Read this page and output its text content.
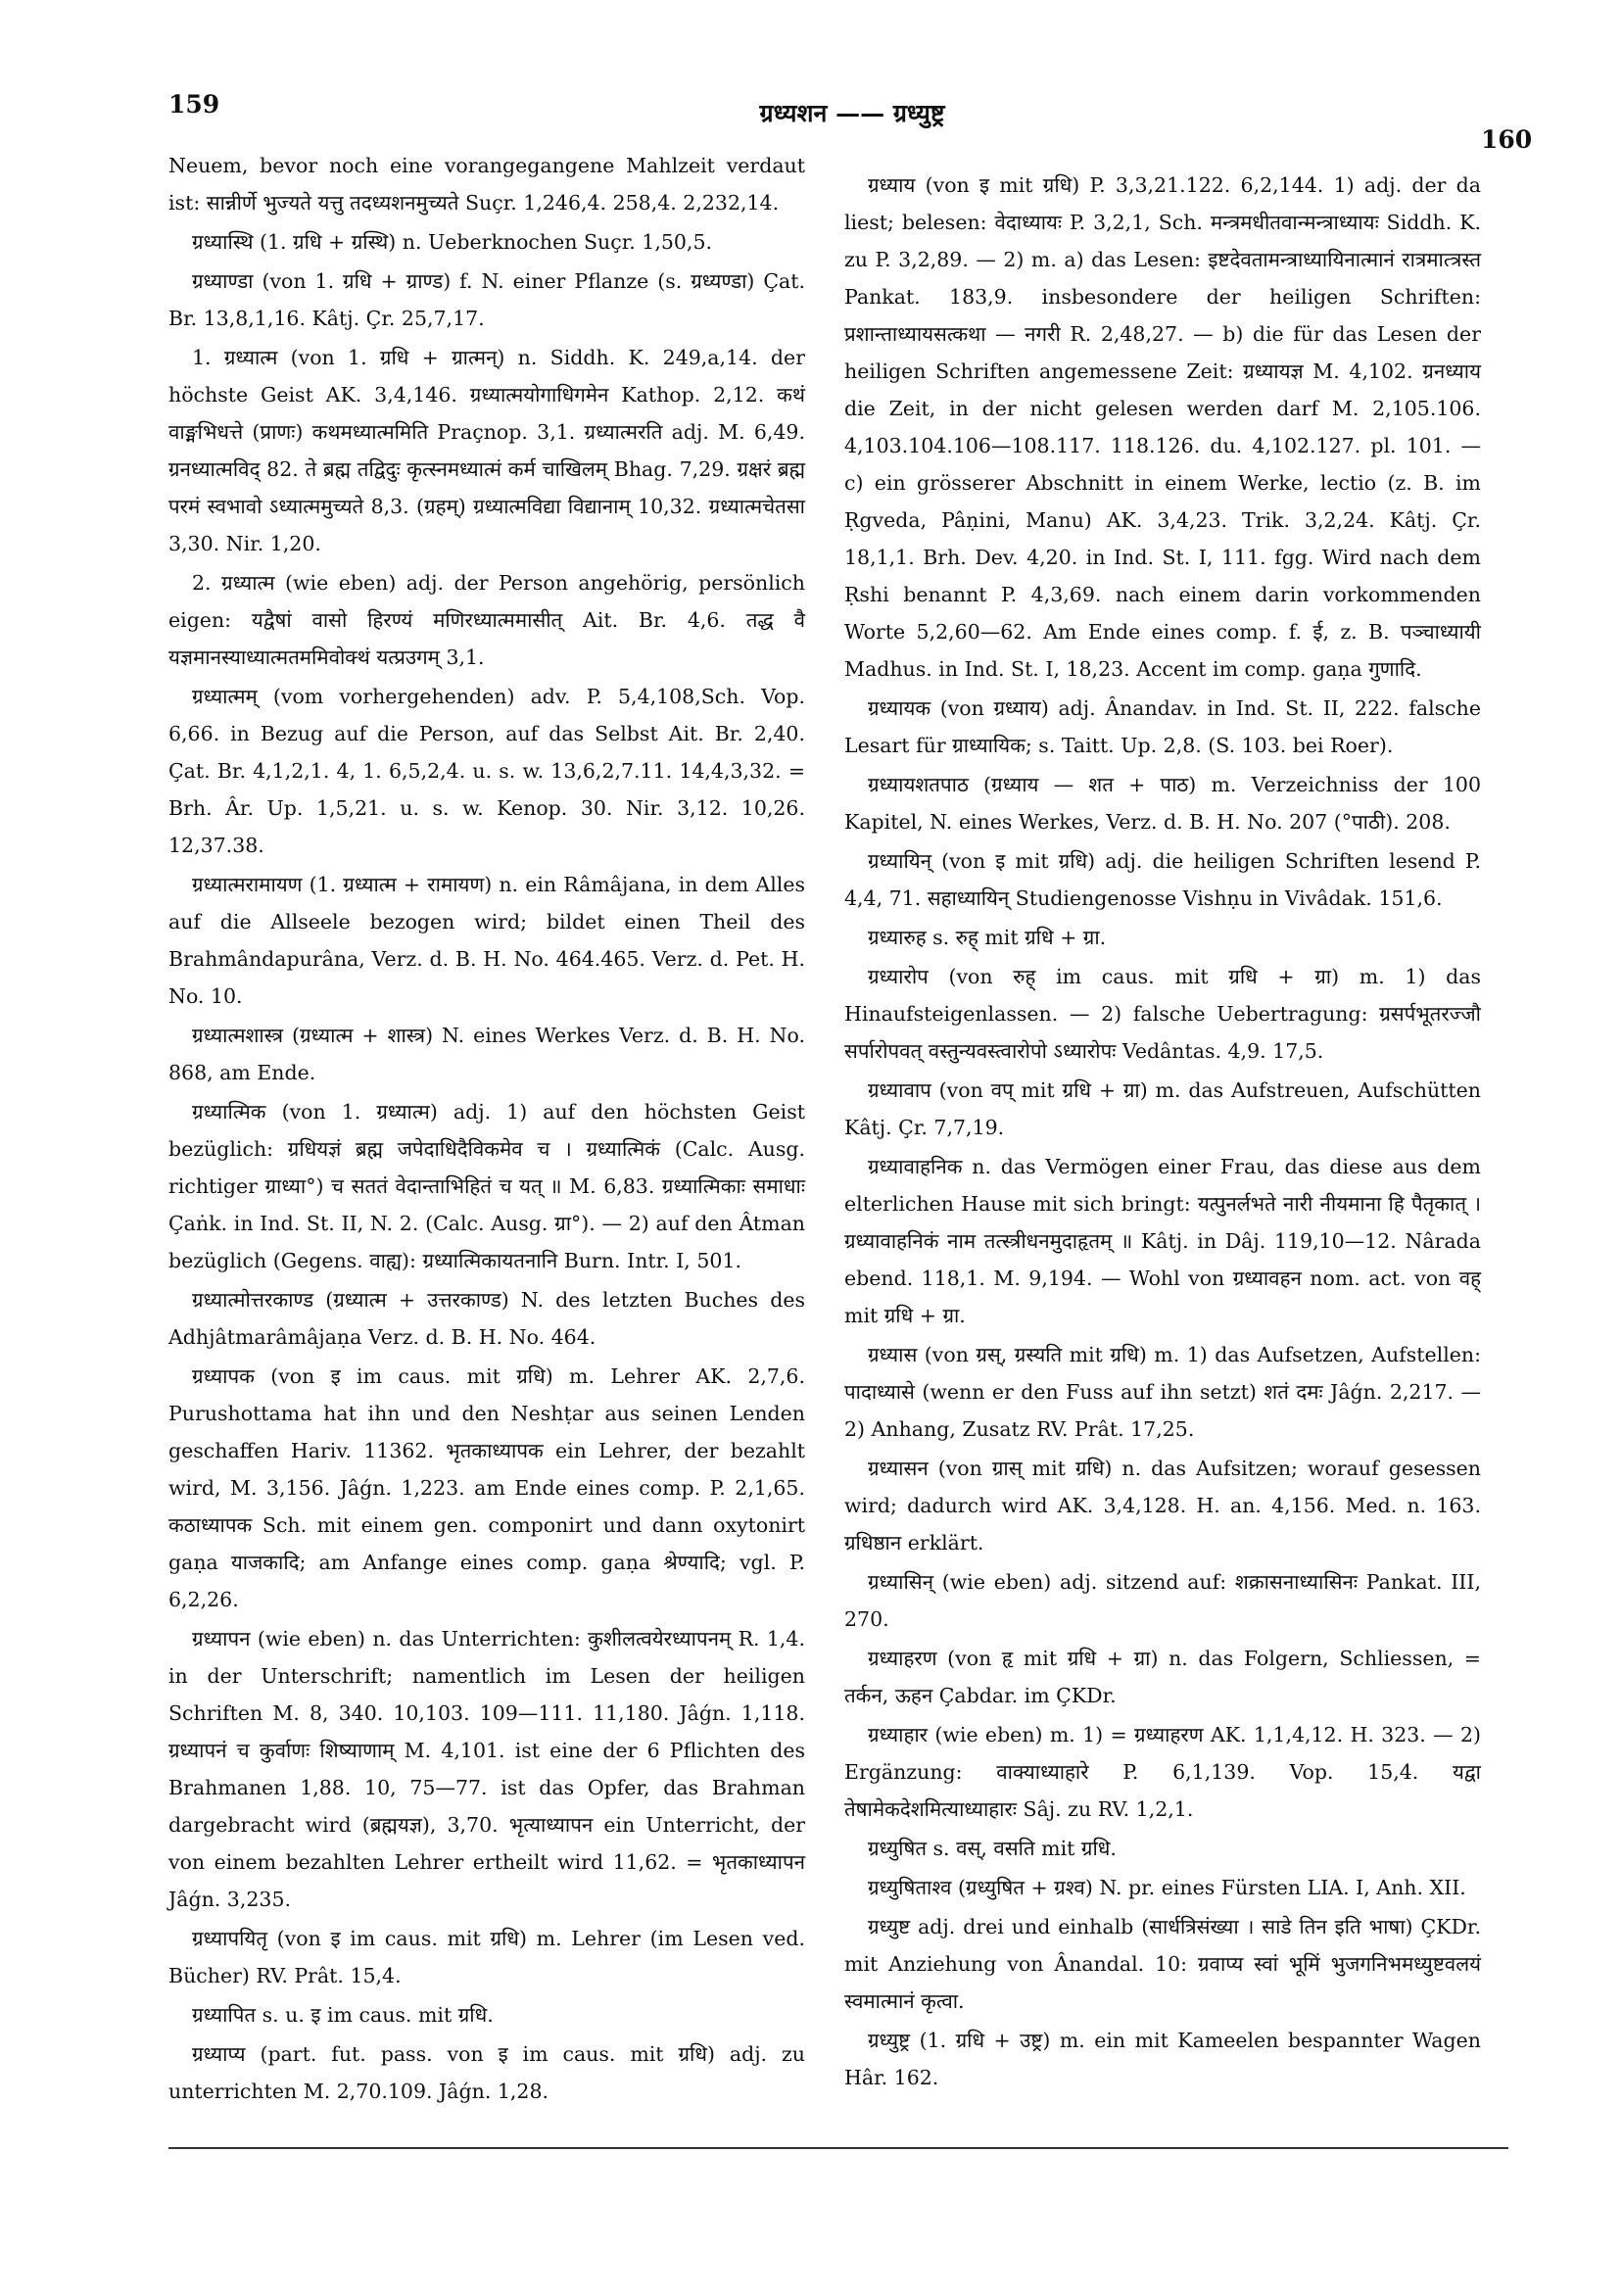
159	ग्रध्यशन —— ग्रध्युष्ट्र
160

Neuem, bevor noch eine vorangegangene Mahlzeit verdaut ist: सान्नीर्णे भुज्यते यत्तु तदध्यशनमुच्यते Suçr. 1,246,4. 258,4. 2,232,14.

ग्रध्यास्थि (1. ग्रधि + ग्रस्थि) n. Ueberknochen Suçr. 1,50,5.

ग्रध्याण्डा (von 1. ग्रधि + ग्राण्ड) f. N. einer Pflanze (s. ग्रध्यण्डा) Çat. Br. 13,8,1,16. Kâtj. Çr. 25,7,17.

1. ग्रध्यात्म (von 1. ग्रधि + ग्रात्मन्) n. Siddh. K. 249,a,14. der höchste Geist AK. 3,4,146. ग्रध्यात्मयोगाधिगमेन Kathop. 2,12. कथं वाङ्मभिधत्ते (प्राणः) कथमध्यात्ममिति Praçnop. 3,1. ग्रध्यात्मरति adj. M. 6,49. ग्रनध्यात्मविद् 82. ते ब्रह्म तद्विदुः कृत्स्नमध्यात्मं कर्म चाखिलम् Bhag. 7,29. ग्रक्षरं ब्रह्म परमं स्वभावो ऽध्यात्ममुच्यते 8,3. (ग्रहम्) ग्रध्यात्मविद्या विद्यानाम् 10,32. ग्रध्यात्मचेतसा 3,30. Nir. 1,20.

2. ग्रध्यात्म (wie eben) adj. der Person angehörig, persönlich eigen: यद्वैषां वासो हिरण्यं मणिरध्यात्ममासीत् Ait. Br. 4,6. तद्ध वै यज्ञमानस्याध्यात्मतममिवोक्थं यत्प्रउगम् 3,1.

ग्रध्यात्मम् (vom vorhergehenden) adv. P. 5,4,108,Sch. Vop. 6,66. in Bezug auf die Person, auf das Selbst Ait. Br. 2,40. Çat. Br. 4,1,2,1. 4, 1. 6,5,2,4. u. s. w. 13,6,2,7.11. 14,4,3,32. = Brh. Âr. Up. 1,5,21. u. s. w. Kenop. 30. Nir. 3,12. 10,26. 12,37.38.

ग्रध्यात्मरामायण (1. ग्रध्यात्म + रामायण) n. ein Râmâjana, in dem Alles auf die Allseele bezogen wird; bildet einen Theil des Brahmândapurâna, Verz. d. B. H. No. 464.465. Verz. d. Pet. H. No. 10.

ग्रध्यात्मशास्त्र (ग्रध्यात्म + शास्त्र) N. eines Werkes Verz. d. B. H. No. 868, am Ende.

ग्रध्यात्मिक (von 1. ग्रध्यात्म) adj. 1) auf den höchsten Geist bezüglich: ग्रधियज्ञं ब्रह्म जपेदाधिदैविकमेव च । ग्रध्यात्मिकं (Calc. Ausg. richtiger ग्राध्या°) च सततं वेदान्ताभिहितं च यत् ॥ M. 6,83. ग्रध्यात्मिकाः समाधाः Çaṅk. in Ind. St. II, N. 2. (Calc. Ausg. ग्रा°). — 2) auf den Âtman bezüglich (Gegens. वाह्य): ग्रध्यात्मिकायतनानि Burn. Intr. I, 501.

ग्रध्यात्मोत्तरकाण्ड (ग्रध्यात्म + उत्तरकाण्ड) N. des letzten Buches des Adhjâtmarâmâjaṇa Verz. d. B. H. No. 464.

ग्रध्यापक (von इ im caus. mit ग्रधि) m. Lehrer AK. 2,7,6. Purushottama hat ihn und den Neshṭar aus seinen Lenden geschaffen Hariv. 11362. भृतकाध्यापक ein Lehrer, der bezahlt wird, M. 3,156. Jâǵn. 1,223. am Ende eines comp. P. 2,1,65. कठाध्यापक Sch. mit einem gen. componirt und dann oxytonirt gaṇa याजकादि; am Anfange eines comp. gaṇa श्रेण्यादि; vgl. P. 6,2,26.

ग्रध्यापन (wie eben) n. das Unterrichten: कुशीलत्वयेरध्यापनम् R. 1,4. in der Unterschrift; namentlich im Lesen der heiligen Schriften M. 8, 340. 10,103. 109—111. 11,180. Jâǵn. 1,118. ग्रध्यापनं च कुर्वाणः शिष्याणाम् M. 4,101. ist eine der 6 Pflichten des Brahmanen 1,88. 10, 75—77. ist das Opfer, das Brahman dargebracht wird (ब्रह्मयज्ञ), 3,70. भृत्याध्यापन ein Unterricht, der von einem bezahlten Lehrer ertheilt wird 11,62. = भृतकाध्यापन Jâǵn. 3,235.

ग्रध्यापयितृ (von इ im caus. mit ग्रधि) m. Lehrer (im Lesen ved. Bücher) RV. Prât. 15,4.

ग्रध्यापित s. u. इ im caus. mit ग्रधि.

ग्रध्याप्य (part. fut. pass. von इ im caus. mit ग्रधि) adj. zu unterrichten M. 2,70.109. Jâǵn. 1,28.

ग्रध्याय (von इ mit ग्रधि) P. 3,3,21.122. 6,2,144. 1) adj. der da liest; belesen: वेदाध्यायः P. 3,2,1, Sch. मन्त्रमधीतवान्मन्त्राध्यायः Siddh. K. zu P. 3,2,89. — 2) m. a) das Lesen: इष्टदेवतामन्त्राध्यायिनात्मानं रात्रमात्त्रस्त Pankat. 183,9. insbesondere der heiligen Schriften: प्रशान्ताध्यायसत्कथा — नगरी R. 2,48,27. — b) die für das Lesen der heiligen Schriften angemessene Zeit: ग्रध्यायज्ञ M. 4,102. ग्रनध्याय die Zeit, in der nicht gelesen werden darf M. 2,105.106. 4,103.104.106—108.117. 118.126. du. 4,102.127. pl. 101. — c) ein grösserer Abschnitt in einem Werke, lectio (z. B. im Ṛgveda, Pâṇini, Manu) AK. 3,4,23. Trik. 3,2,24. Kâtj. Çr. 18,1,1. Brh. Dev. 4,20. in Ind. St. I, 111. fgg. Wird nach dem Ṛshi benannt P. 4,3,69. nach einem darin vorkommenden Worte 5,2,60—62. Am Ende eines comp. f. ई, z. B. पञ्चाध्यायी Madhus. in Ind. St. I, 18,23. Accent im comp. gaṇa गुणादि.

ग्रध्यायक (von ग्रध्याय) adj. Ânandav. in Ind. St. II, 222. falsche Lesart für ग्राध्यायिक; s. Taitt. Up. 2,8. (S. 103. bei Roer).

ग्रध्यायशतपाठ (ग्रध्याय — शत + पाठ) m. Verzeichniss der 100 Kapitel, N. eines Werkes, Verz. d. B. H. No. 207 (°पाठी). 208.

ग्रध्यायिन् (von इ mit ग्रधि) adj. die heiligen Schriften lesend P. 4,4, 71. सहाध्यायिन् Studiengenosse Vishṇu in Vivâdak. 151,6.

ग्रध्यारुह s. रुह् mit ग्रधि + ग्रा.

ग्रध्यारोप (von रुह् im caus. mit ग्रधि + ग्रा) m. 1) das Hinaufsteigenlassen. — 2) falsche Uebertragung: ग्रसर्पभूतरज्जौ सर्पारोपवत् वस्तुन्यवस्त्वारोपो ऽध्यारोपः Vedântas. 4,9. 17,5.

ग्रध्यावाप (von वप् mit ग्रधि + ग्रा) m. das Aufstreuen, Aufschütten Kâtj. Çr. 7,7,19.

ग्रध्यावाहनिक n. das Vermögen einer Frau, das diese aus dem elterlichen Hause mit sich bringt: यत्पुनर्लभते नारी नीयमाना हि पैतृकात् । ग्रध्यावाहनिकं नाम तत्स्त्रीधनमुदाहृतम् ॥ Kâtj. in Dâj. 119,10—12. Nârada ebend. 118,1. M. 9,194. — Wohl von ग्रध्यावहन nom. act. von वह् mit ग्रधि + ग्रा.

ग्रध्यास (von ग्रस्, ग्रस्यति mit ग्रधि) m. 1) das Aufsetzen, Aufstellen: पादाध्यासे (wenn er den Fuss auf ihn setzt) शतं दमः Jâǵn. 2,217. — 2) Anhang, Zusatz RV. Prât. 17,25.

ग्रध्यासन (von ग्रास् mit ग्रधि) n. das Aufsitzen; worauf gesessen wird; dadurch wird AK. 3,4,128. H. an. 4,156. Med. n. 163. ग्रधिष्ठान erklärt.

ग्रध्यासिन् (wie eben) adj. sitzend auf: शक्रासनाध्यासिनः Pankat. III, 270.

ग्रध्याहरण (von हृ mit ग्रधि + ग्रा) n. das Folgern, Schliessen, = तर्कन, ऊहन Çabdar. im ÇKDr.

ग्रध्याहार (wie eben) m. 1) = ग्रध्याहरण AK. 1,1,4,12. H. 323. — 2) Ergänzung: वाक्याध्याहारे P. 6,1,139. Vop. 15,4. यद्वा तेषामेकदेशमित्याध्याहारः Sâj. zu RV. 1,2,1.

ग्रध्युषित s. वस्, वसति mit ग्रधि.

ग्रध्युषिताश्व (ग्रध्युषित + ग्रश्व) N. pr. eines Fürsten LIA. I, Anh. XII.

ग्रध्युष्ट adj. drei und einhalb (सार्धत्रिसंख्या । साडे तिन इति भाषा) ÇKDr. mit Anziehung von Ânandal. 10: ग्रवाप्य स्वां भूमिं भुजगनिभमध्युष्टवलयं स्वमात्मानं कृत्वा.

ग्रध्युष्ट्र (1. ग्रधि + उष्ट्र) m. ein mit Kameelen bespannter Wagen Hâr. 162.
